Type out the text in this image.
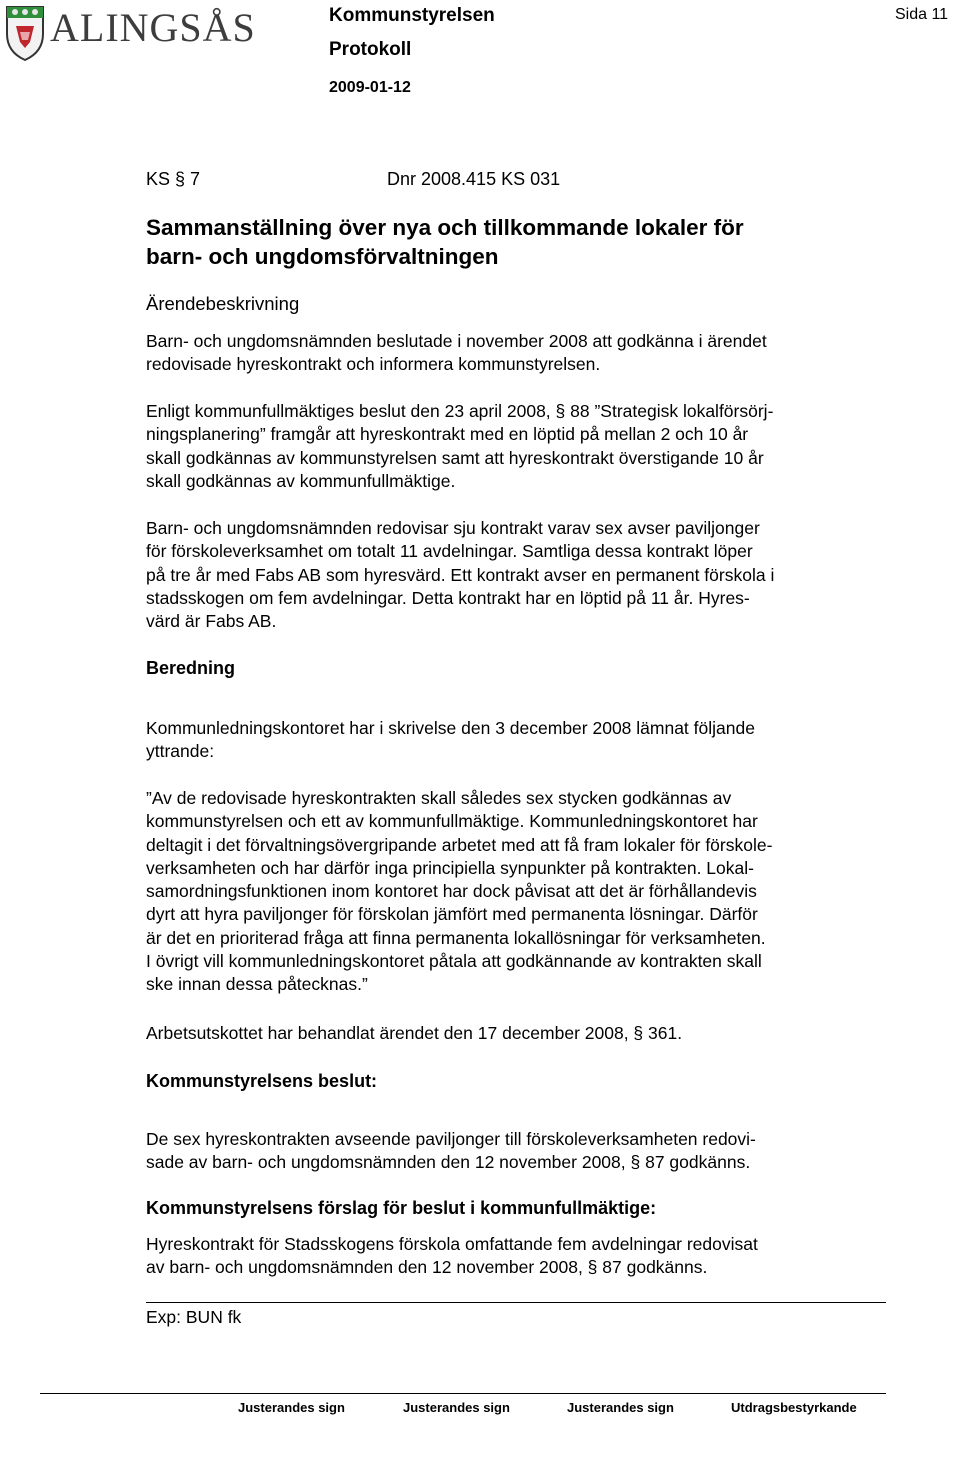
ALINGSÅS	Kommunstyrelsen
Protokoll
2009-01-12
Sida 11
KS § 7	Dnr 2008.415 KS 031
Sammanställning över nya och tillkommande lokaler för
barn- och ungdomsförvaltningen
Ärendebeskrivning

Barn- och ungdomsnämnden beslutade i november 2008 att godkänna i ärendet

redovisade hyreskontrakt och informera kommunstyrelsen.

Enligt kommunfullmäktiges beslut den 23 april 2008, § 88 ”Strategisk lokalförsörj-

ningsplanering” framgår att hyreskontrakt med en löptid på mellan 2 och 10 år

skall godkännas av kommunstyrelsen samt att hyreskontrakt överstigande 10 år

skall godkännas av kommunfullmäktige.

Barn- och ungdomsnämnden redovisar sju kontrakt varav sex avser paviljonger

för förskoleverksamhet om totalt 11 avdelningar. Samtliga dessa kontrakt löper

på tre år med Fabs AB som hyresvärd. Ett kontrakt avser en permanent förskola i

stadsskogen om fem avdelningar. Detta kontrakt har en löptid på 11 år. Hyres-

värd är Fabs AB.

Beredning

Kommunledningskontoret har i skrivelse den 3 december 2008 lämnat följande

yttrande:

”Av de redovisade hyreskontrakten skall således sex stycken godkännas av

kommunstyrelsen och ett av kommunfullmäktige. Kommunledningskontoret har

deltagit i det förvaltningsövergripande arbetet med att få fram lokaler för förskole-

verksamheten och har därför inga principiella synpunkter på kontrakten. Lokal-

samordningsfunktionen inom kontoret har dock påvisat att det är förhållandevis

dyrt att hyra paviljonger för förskolan jämfört med permanenta lösningar. Därför

är det en prioriterad fråga att finna permanenta lokallösningar för verksamheten.

I övrigt vill kommunledningskontoret påtala att godkännande av kontrakten skall

ske innan dessa påtecknas.”

Arbetsutskottet har behandlat ärendet den 17 december 2008, § 361.
Kommunstyrelsens beslut:

De sex hyreskontrakten avseende paviljonger till förskoleverksamheten redovi-

sade av barn- och ungdomsnämnden den 12 november 2008, § 87 godkänns.

Kommunstyrelsens förslag för beslut i kommunfullmäktige:

Hyreskontrakt för Stadsskogens förskola omfattande fem avdelningar redovisat

av barn- och ungdomsnämnden den 12 november 2008, § 87 godkänns.

Exp: BUN fk
Justerandes sign	Justerandes sign	Justerandes sign	Utdragsbestyrkande
